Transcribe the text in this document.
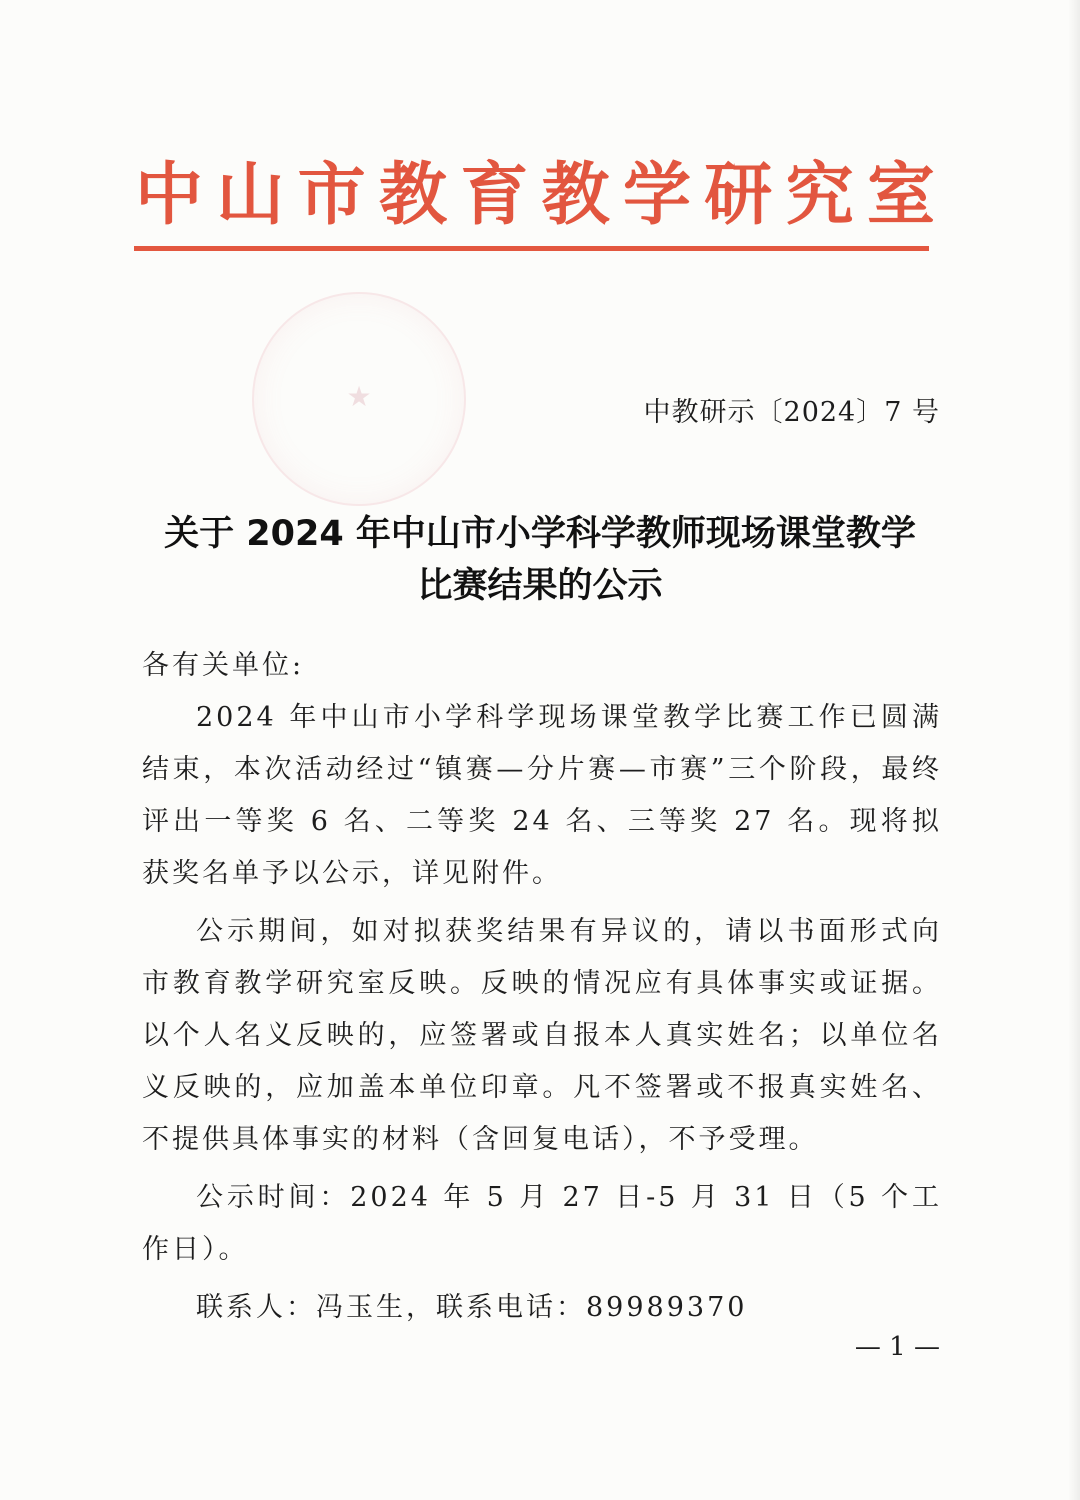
中 山 市 教 育 教 学 研 究 室
★	中教研示〔2024〕7 号
关于 2024 年中山市小学科学教师现场课堂教学
比赛结果的公示

各有关单位:

2024 年中山市小学科学现场课堂教学比赛工作已圆满结束，本次活动经过“镇赛—分片赛—市赛”三个阶段，最终评出一等奖 6 名、二等奖 24 名、三等奖 27 名。现将拟获奖名单予以公示，详见附件。

公示期间，如对拟获奖结果有异议的，请以书面形式向市教育教学研究室反映。反映的情况应有具体事实或证据。以个人名义反映的，应签署或自报本人真实姓名；以单位名义反映的，应加盖本单位印章。凡不签署或不报真实姓名、不提供具体事实的材料（含回复电话），不予受理。

公示时间：2024 年 5 月 27 日-5 月 31 日（5 个工作日）。

联系人：冯玉生，联系电话：89989370

— 1 —
